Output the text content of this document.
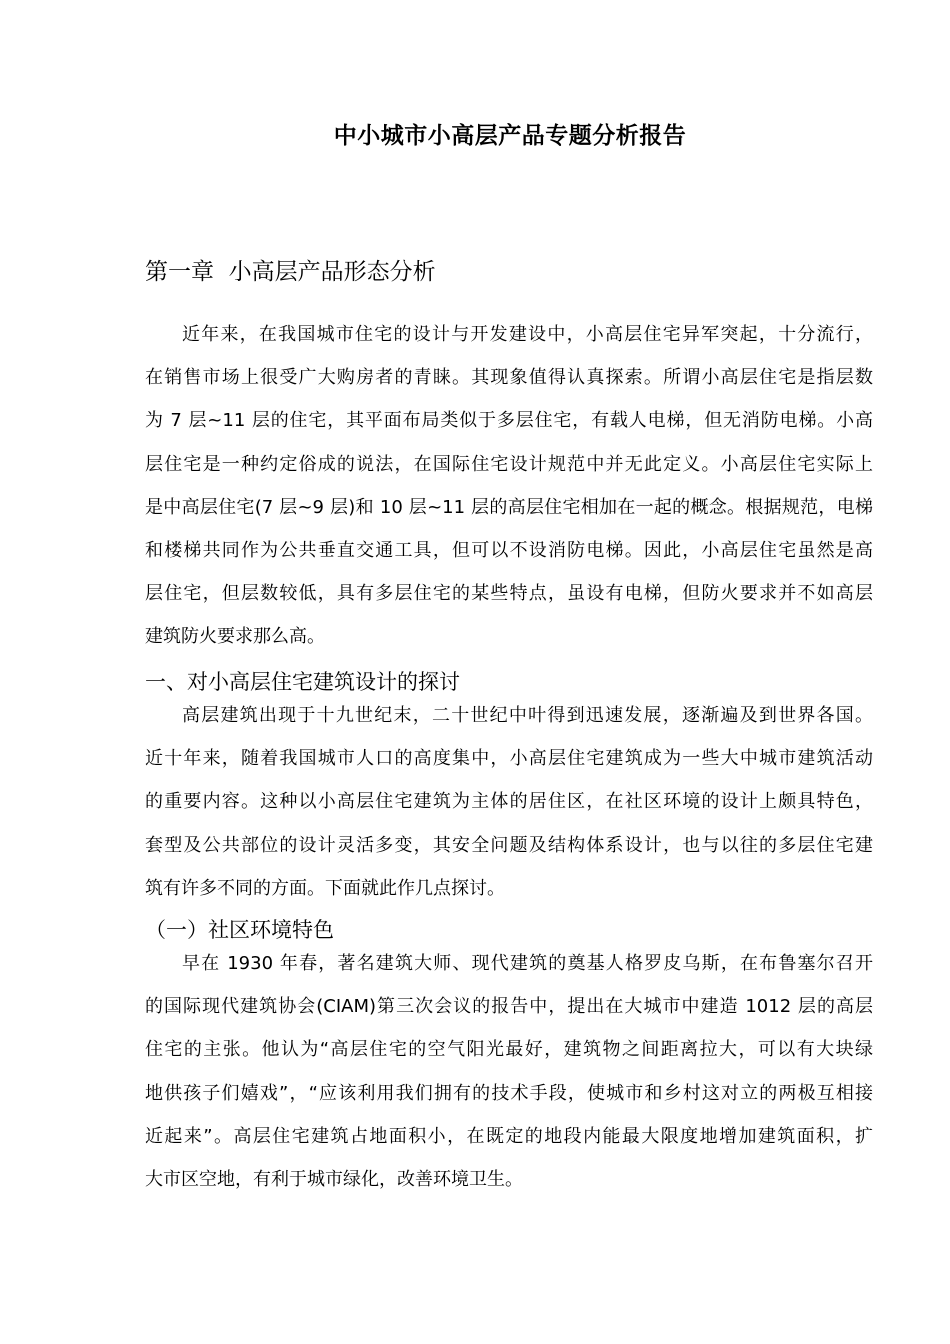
中小城市小高层产品专题分析报告
第一章  小高层产品形态分析
近年来，在我国城市住宅的设计与开发建设中，小高层住宅异军突起，十分流行，
在销售市场上很受广大购房者的青睐。其现象值得认真探索。所谓小高层住宅是指层数
为 7 层~11 层的住宅，其平面布局类似于多层住宅，有载人电梯，但无消防电梯。小高
层住宅是一种约定俗成的说法，在国际住宅设计规范中并无此定义。小高层住宅实际上
是中高层住宅(7 层~9 层)和 10 层~11 层的高层住宅相加在一起的概念。根据规范，电梯
和楼梯共同作为公共垂直交通工具，但可以不设消防电梯。因此，小高层住宅虽然是高
层住宅，但层数较低，具有多层住宅的某些特点，虽设有电梯，但防火要求并不如高层
建筑防火要求那么高。
一、对小高层住宅建筑设计的探讨
高层建筑出现于十九世纪末，二十世纪中叶得到迅速发展，逐渐遍及到世界各国。
近十年来，随着我国城市人口的高度集中，小高层住宅建筑成为一些大中城市建筑活动
的重要内容。这种以小高层住宅建筑为主体的居住区，在社区环境的设计上颇具特色，
套型及公共部位的设计灵活多变，其安全问题及结构体系设计，也与以往的多层住宅建
筑有许多不同的方面。下面就此作几点探讨。
（一）社区环境特色
早在 1930 年春，著名建筑大师、现代建筑的奠基人格罗皮乌斯，在布鲁塞尔召开
的国际现代建筑协会(CIAM)第三次会议的报告中，提出在大城市中建造 1012 层的高层
住宅的主张。他认为“高层住宅的空气阳光最好，建筑物之间距离拉大，可以有大块绿
地供孩子们嬉戏”，“应该利用我们拥有的技术手段，使城市和乡村这对立的两极互相接
近起来”。高层住宅建筑占地面积小，在既定的地段内能最大限度地增加建筑面积，扩
大市区空地，有利于城市绿化，改善环境卫生。
